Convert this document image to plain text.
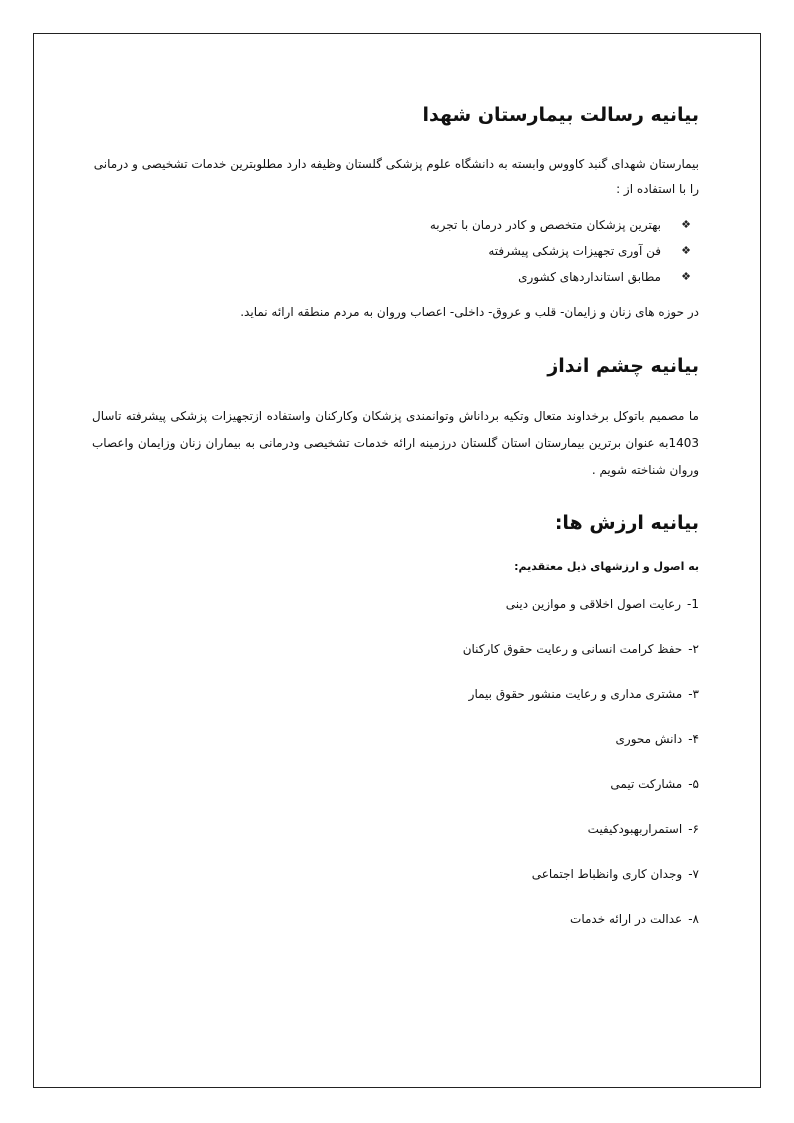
بیانیه رسالت بیمارستان شهدا

بیمارستان شهدای گنبد کاووس وابسته به دانشگاه علوم پزشکی گلستان وظیفه دارد مطلوبترین خدمات تشخیصی و درمانی را با استفاده از :

❖
بهترین پزشکان متخصص و کادر درمان با تجربه
❖
فن آوری تجهیزات پزشکی پیشرفته
❖
مطابق استانداردهای کشوری

در حوزه های زنان و زایمان- قلب و عروق- داخلی- اعصاب وروان به مردم منطقه ارائه نماید.

بیانیه چشم انداز

ما مصمیم باتوکل برخداوند متعال وتکیه برداناش وتوانمندی پزشکان وکارکنان واستفاده ازتجهیزات پزشکی پیشرفته تاسال 1403به عنوان برترین بیمارستان استان گلستان درزمینه ارائه خدمات تشخیصی ودرمانی به بیماران زنان وزایمان واعصاب وروان شناخته شویم .

بیانیه ارزش ها:

به اصول و ارزشهای ذیل معتقدیم:

1-رعایت اصول اخلاقی و موازین دینی
۲-حفظ کرامت انسانی و رعایت حقوق کارکنان
۳-مشتری مداری و رعایت منشور حقوق بیمار
۴-دانش محوری
۵-مشارکت تیمی
۶-استمراربهبودکیفیت
۷-وجدان کاری وانظباط اجتماعی
۸-عدالت در ارائه خدمات
